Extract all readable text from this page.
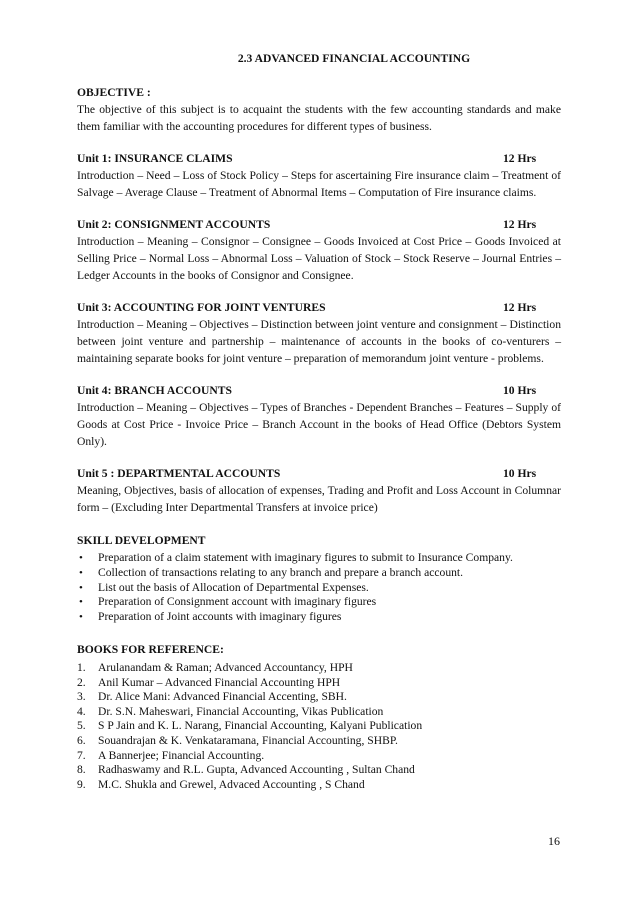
2.3 ADVANCED FINANCIAL ACCOUNTING
OBJECTIVE :

The objective of this subject is to acquaint the students with the few accounting standards and make them familiar with the accounting procedures for different types of business.

Unit 1: INSURANCE CLAIMS	12 Hrs

Introduction – Need – Loss of Stock Policy – Steps for ascertaining Fire insurance claim – Treatment of Salvage – Average Clause – Treatment of Abnormal Items – Computation of Fire insurance claims.

Unit 2: CONSIGNMENT ACCOUNTS	12 Hrs

Introduction – Meaning – Consignor – Consignee – Goods Invoiced at Cost Price – Goods Invoiced at Selling Price – Normal Loss – Abnormal Loss – Valuation of Stock – Stock Reserve – Journal Entries – Ledger Accounts in the books of Consignor and Consignee.

Unit 3: ACCOUNTING FOR JOINT VENTURES	12 Hrs

Introduction – Meaning – Objectives – Distinction between joint venture and consignment – Distinction between joint venture and partnership – maintenance of accounts in the books of co-venturers – maintaining separate books for joint venture – preparation of memorandum joint venture - problems.

Unit 4: BRANCH ACCOUNTS	10 Hrs

Introduction – Meaning – Objectives – Types of Branches - Dependent Branches – Features – Supply of Goods at Cost Price - Invoice Price – Branch Account in the books of Head Office (Debtors System Only).

Unit 5 : DEPARTMENTAL ACCOUNTS	10 Hrs

Meaning, Objectives, basis of allocation of expenses, Trading and Profit and Loss Account in Columnar form – (Excluding Inter Departmental Transfers at invoice price)

SKILL DEVELOPMENT
• Preparation of a claim statement with imaginary figures to submit to Insurance Company.
• Collection of transactions relating to any branch and prepare a branch account.
• List out the basis of Allocation of Departmental Expenses.
• Preparation of Consignment account with imaginary figures
• Preparation of Joint accounts with imaginary figures
BOOKS FOR REFERENCE:
1.	Arulanandam & Raman; Advanced Accountancy, HPH
2.	Anil Kumar – Advanced Financial Accounting HPH
3.	Dr. Alice Mani: Advanced Financial Accenting, SBH.
4.	Dr. S.N. Maheswari, Financial Accounting, Vikas Publication
5.	S P Jain and K. L. Narang, Financial Accounting, Kalyani Publication
6.	Souandrajan & K. Venkataramana, Financial Accounting, SHBP.
7.	A Bannerjee; Financial Accounting.
8.	Radhaswamy and R.L. Gupta, Advanced Accounting , Sultan Chand
9.	M.C. Shukla and Grewel, Advaced Accounting , S Chand
16
